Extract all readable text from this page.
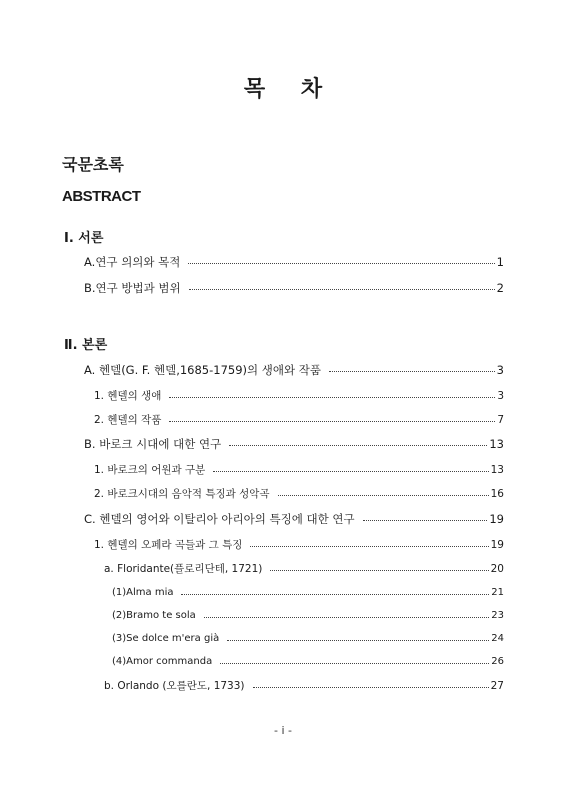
목 차
국문초록
ABSTRACT
Ⅰ. 서론
A.연구 의의와 목적	1
B.연구 방법과 범위	2
Ⅱ. 본론
A. 헨델(G. F. 헨델,1685-1759)의 생애와 작품	3
1. 헨델의 생애	3
2. 헨델의 작품	7
B. 바로크 시대에 대한 연구	13
1. 바로크의 어원과 구분	13
2. 바로크시대의 음악적 특징과 성악곡	16
C. 헨델의 영어와 이탈리아 아리아의 특징에 대한 연구	19
1. 헨델의 오페라 곡들과 그 특징	19
a. Floridante(플로리단테, 1721)	20
(1)Alma mia	21
(2)Bramo te sola	23
(3)Se dolce m'era già	24
(4)Amor commanda	26
b. Orlando (오를란도, 1733)	27
- i -
